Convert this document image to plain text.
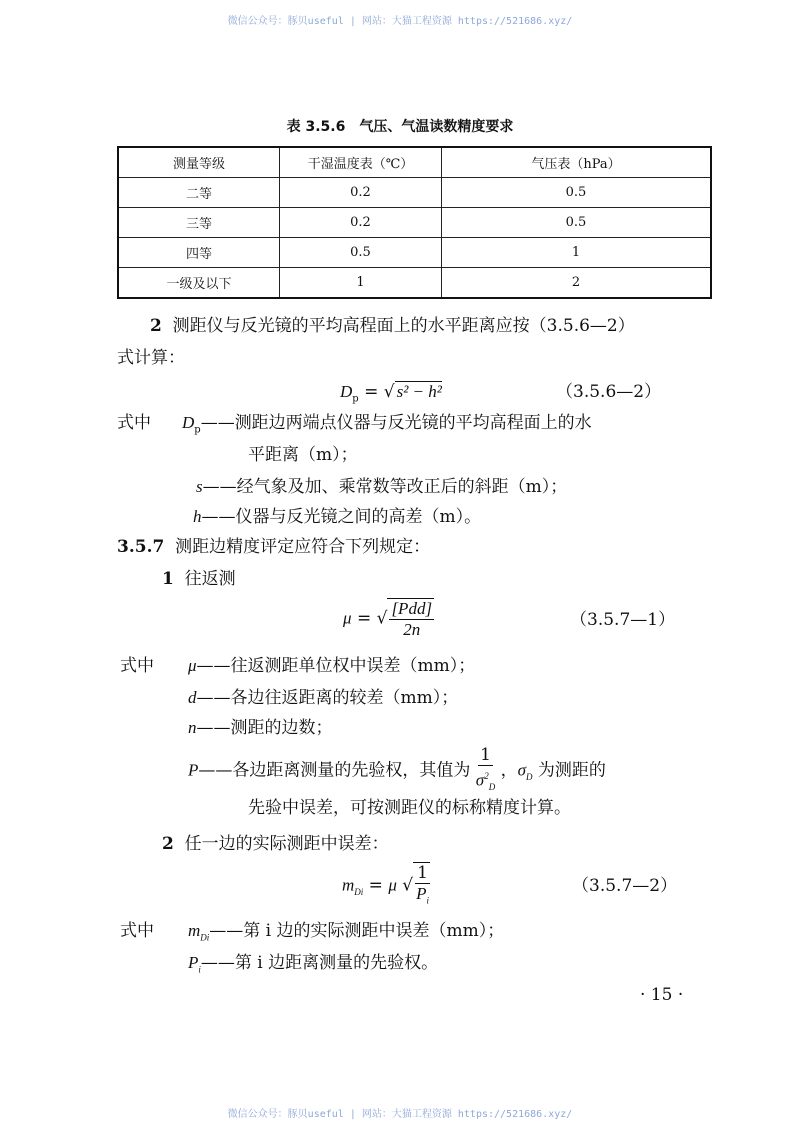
微信公众号：豚贝useful | 网站：大猫工程资源 https://521686.xyz/
表 3.5.6　气压、气温读数精度要求
测量等级	干湿温度表（℃）	气压表（hPa）
二等	0.2	0.5
三等	0.2	0.5
四等	0.5	1
一级及以下	1	2
2 测距仪与反光镜的平均高程面上的水平距离应按（3.5.6—2）
式计算：
$D_p$ = √ s² − h²	（3.5.6—2）
式中 $D_p——$测距边两端点仪器与反光镜的平均高程面上的水
平距离（m）；
s——经气象及加、乘常数等改正后的斜距（m）；
h——仪器与反光镜之间的高差（m）。
3.5.7 测距边精度评定应符合下列规定：
1 往返测
μ = √ $\frac{\text{[Pdd]}}{2n}$	（3.5.7—1）
式中 μ——往返测距单位权中误差（mm）；
d——各边往返距离的较差（mm）；
n——测距的边数；
P——各边距离测量的先验权，其值为 $\frac{1}{\sigma^2_D}$ ，$\sigma_D$ 为测距的
先验中误差，可按测距仪的标称精度计算。
2 任一边的实际测距中误差：
$m_{Di} = \mu$ √ $\frac{1}{P_i}$	（3.5.7—2）
式中 $m_{Di}——$第 i 边的实际测距中误差（mm）；
$P_i——$第 i 边距离测量的先验权。
· 15 ·
微信公众号：豚贝useful | 网站：大猫工程资源 https://521686.xyz/
